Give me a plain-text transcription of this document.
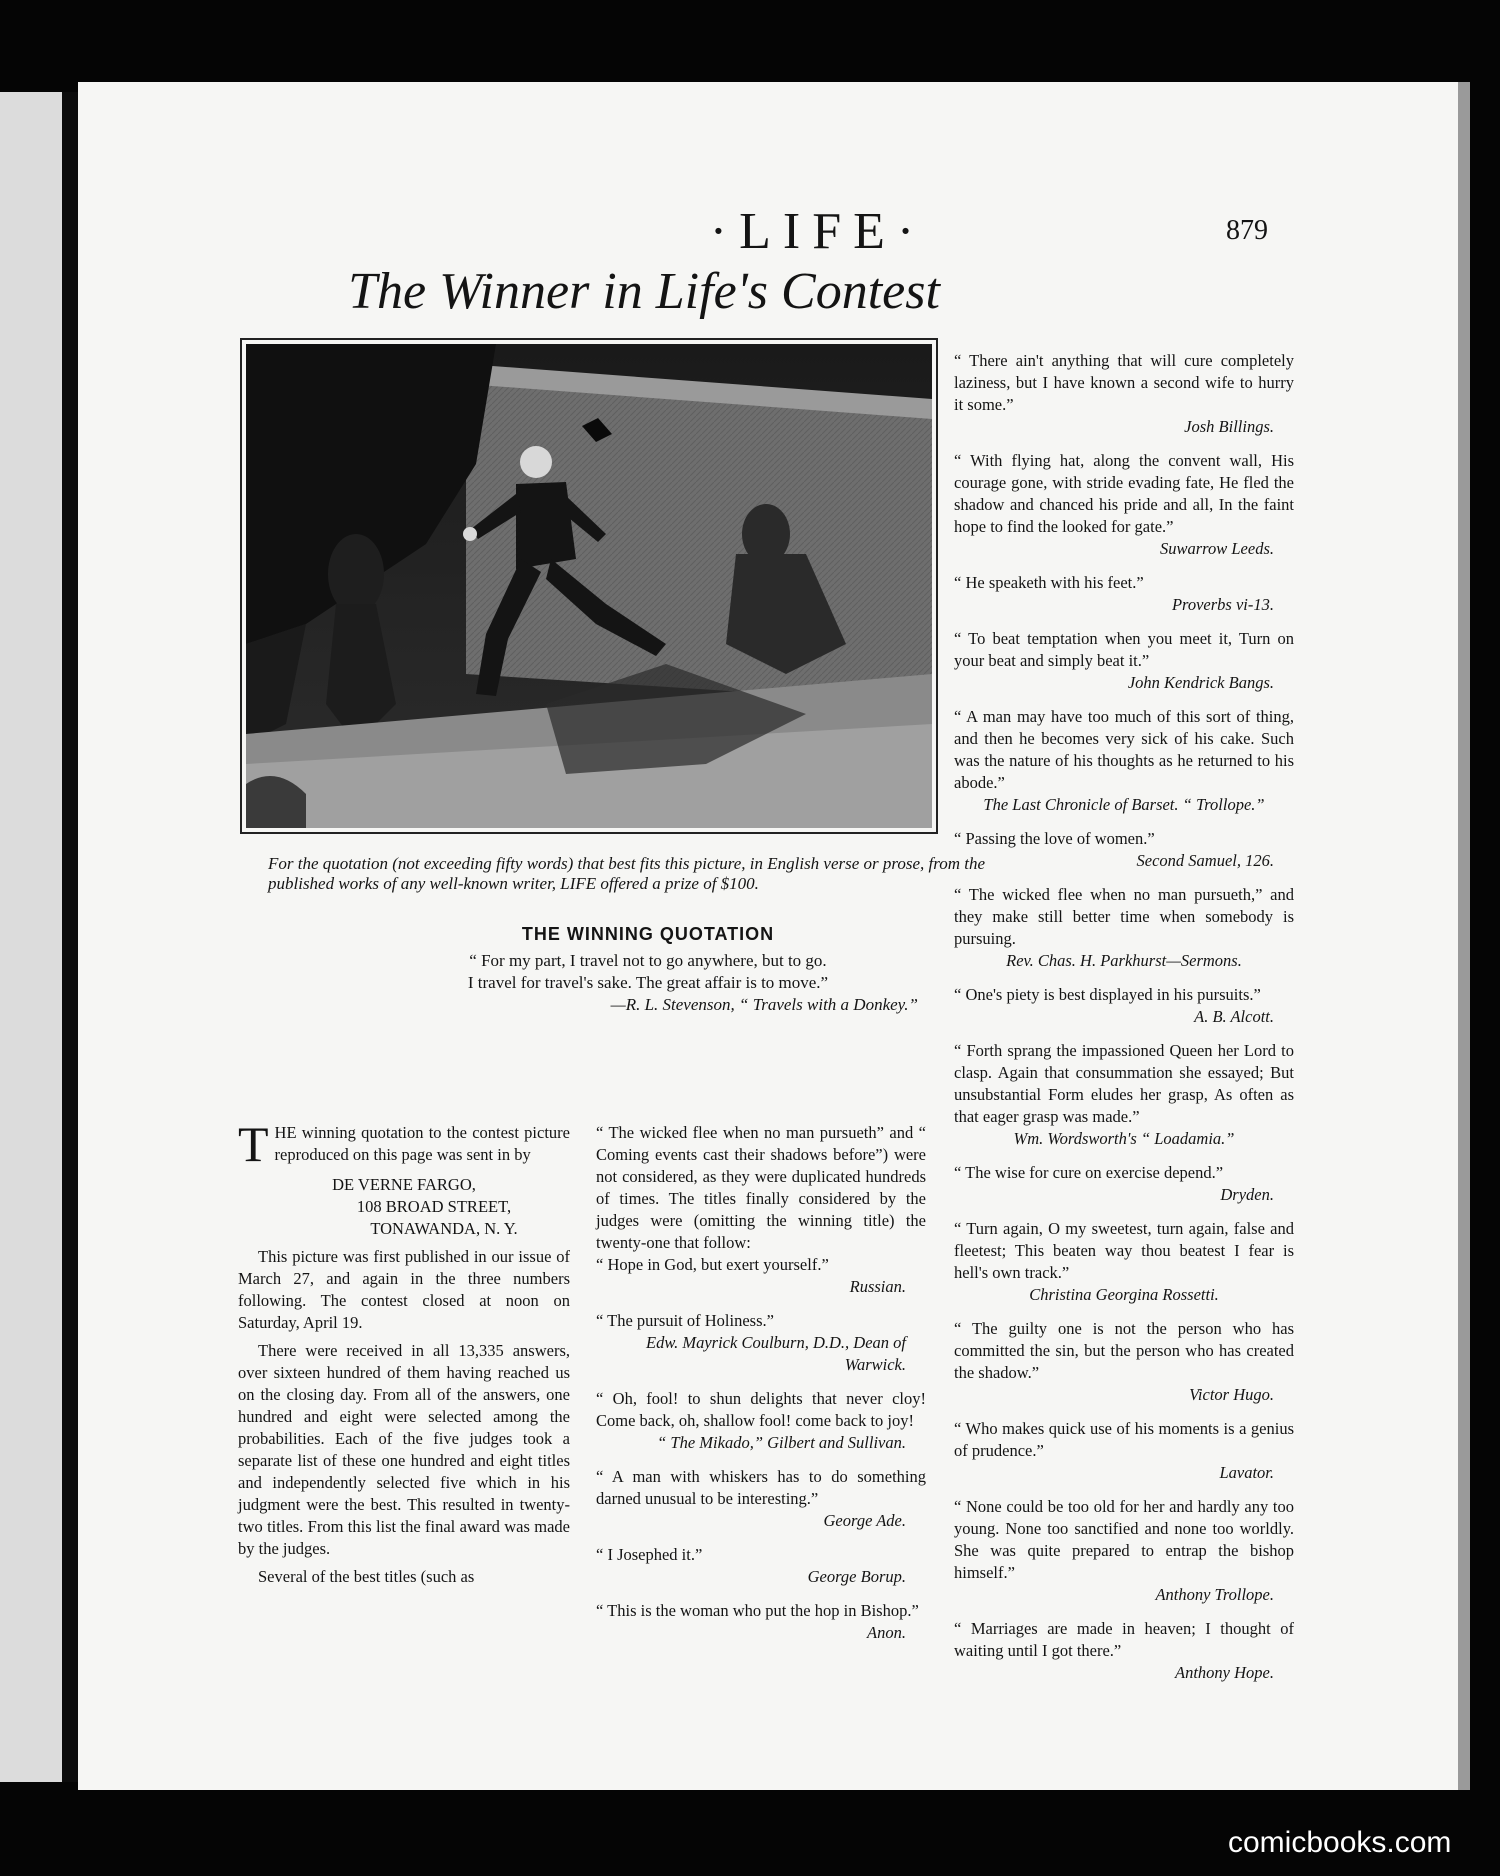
·LIFE·	879
The Winner in Life's Contest
For the quotation (not exceeding fifty words) that best fits this picture, in English verse or prose, from the published works of any well-known writer, LIFE offered a prize of $100.
THE WINNING QUOTATION
“ For my part, I travel not to go anywhere, but to go.
I travel for travel's sake. The great affair is to move.”
—R. L. Stevenson, “ Travels with a Donkey.”

THE winning quotation to the contest picture reproduced on this page was sent in by

DE VERNE FARGO,
108 BROAD STREET,
TONAWANDA, N. Y.

This picture was first published in our issue of March 27, and again in the three numbers following. The contest closed at noon on Saturday, April 19.

There were received in all 13,335 answers, over sixteen hundred of them having reached us on the closing day. From all of the answers, one hundred and eight were selected among the probabilities. Each of the five judges took a separate list of these one hundred and eight titles and independently selected five which in his judgment were the best. This resulted in twenty-two titles. From this list the final award was made by the judges.

Several of the best titles (such as

“ The wicked flee when no man pursueth” and “ Coming events cast their shadows before”) were not considered, as they were duplicated hundreds of times. The titles finally considered by the judges were (omitting the winning title) the twenty-one that follow:

“ Hope in God, but exert yourself.”
Russian.
“ The pursuit of Holiness.”
Edw. Mayrick Coulburn, D.D., Dean of Warwick.
“ Oh, fool! to shun delights that never cloy! Come back, oh, shallow fool! come back to joy!
“ The Mikado,” Gilbert and Sullivan.
“ A man with whiskers has to do something darned unusual to be interesting.”
George Ade.
“ I Josephed it.”
George Borup.
“ This is the woman who put the hop in Bishop.”
Anon.
“ There ain't anything that will cure completely laziness, but I have known a second wife to hurry it some.”
Josh Billings.
“ With flying hat, along the convent wall, His courage gone, with stride evading fate, He fled the shadow and chanced his pride and all, In the faint hope to find the looked for gate.”
Suwarrow Leeds.
“ He speaketh with his feet.”
Proverbs vi-13.
“ To beat temptation when you meet it, Turn on your beat and simply beat it.”
John Kendrick Bangs.
“ A man may have too much of this sort of thing, and then he becomes very sick of his cake. Such was the nature of his thoughts as he returned to his abode.”
The Last Chronicle of Barset. “ Trollope.”
“ Passing the love of women.”
Second Samuel, 126.
“ The wicked flee when no man pursueth,” and they make still better time when somebody is pursuing.
Rev. Chas. H. Parkhurst—Sermons.
“ One's piety is best displayed in his pursuits.”
A. B. Alcott.
“ Forth sprang the impassioned Queen her Lord to clasp. Again that consummation she essayed; But unsubstantial Form eludes her grasp, As often as that eager grasp was made.”
Wm. Wordsworth's “ Loadamia.”
“ The wise for cure on exercise depend.”
Dryden.
“ Turn again, O my sweetest, turn again, false and fleetest; This beaten way thou beatest I fear is hell's own track.”
Christina Georgina Rossetti.
“ The guilty one is not the person who has committed the sin, but the person who has created the shadow.”
Victor Hugo.
“ Who makes quick use of his moments is a genius of prudence.”
Lavator.
“ None could be too old for her and hardly any too young. None too sanctified and none too worldly. She was quite prepared to entrap the bishop himself.”
Anthony Trollope.
“ Marriages are made in heaven; I thought of waiting until I got there.”
Anthony Hope.
comicbooks.com
